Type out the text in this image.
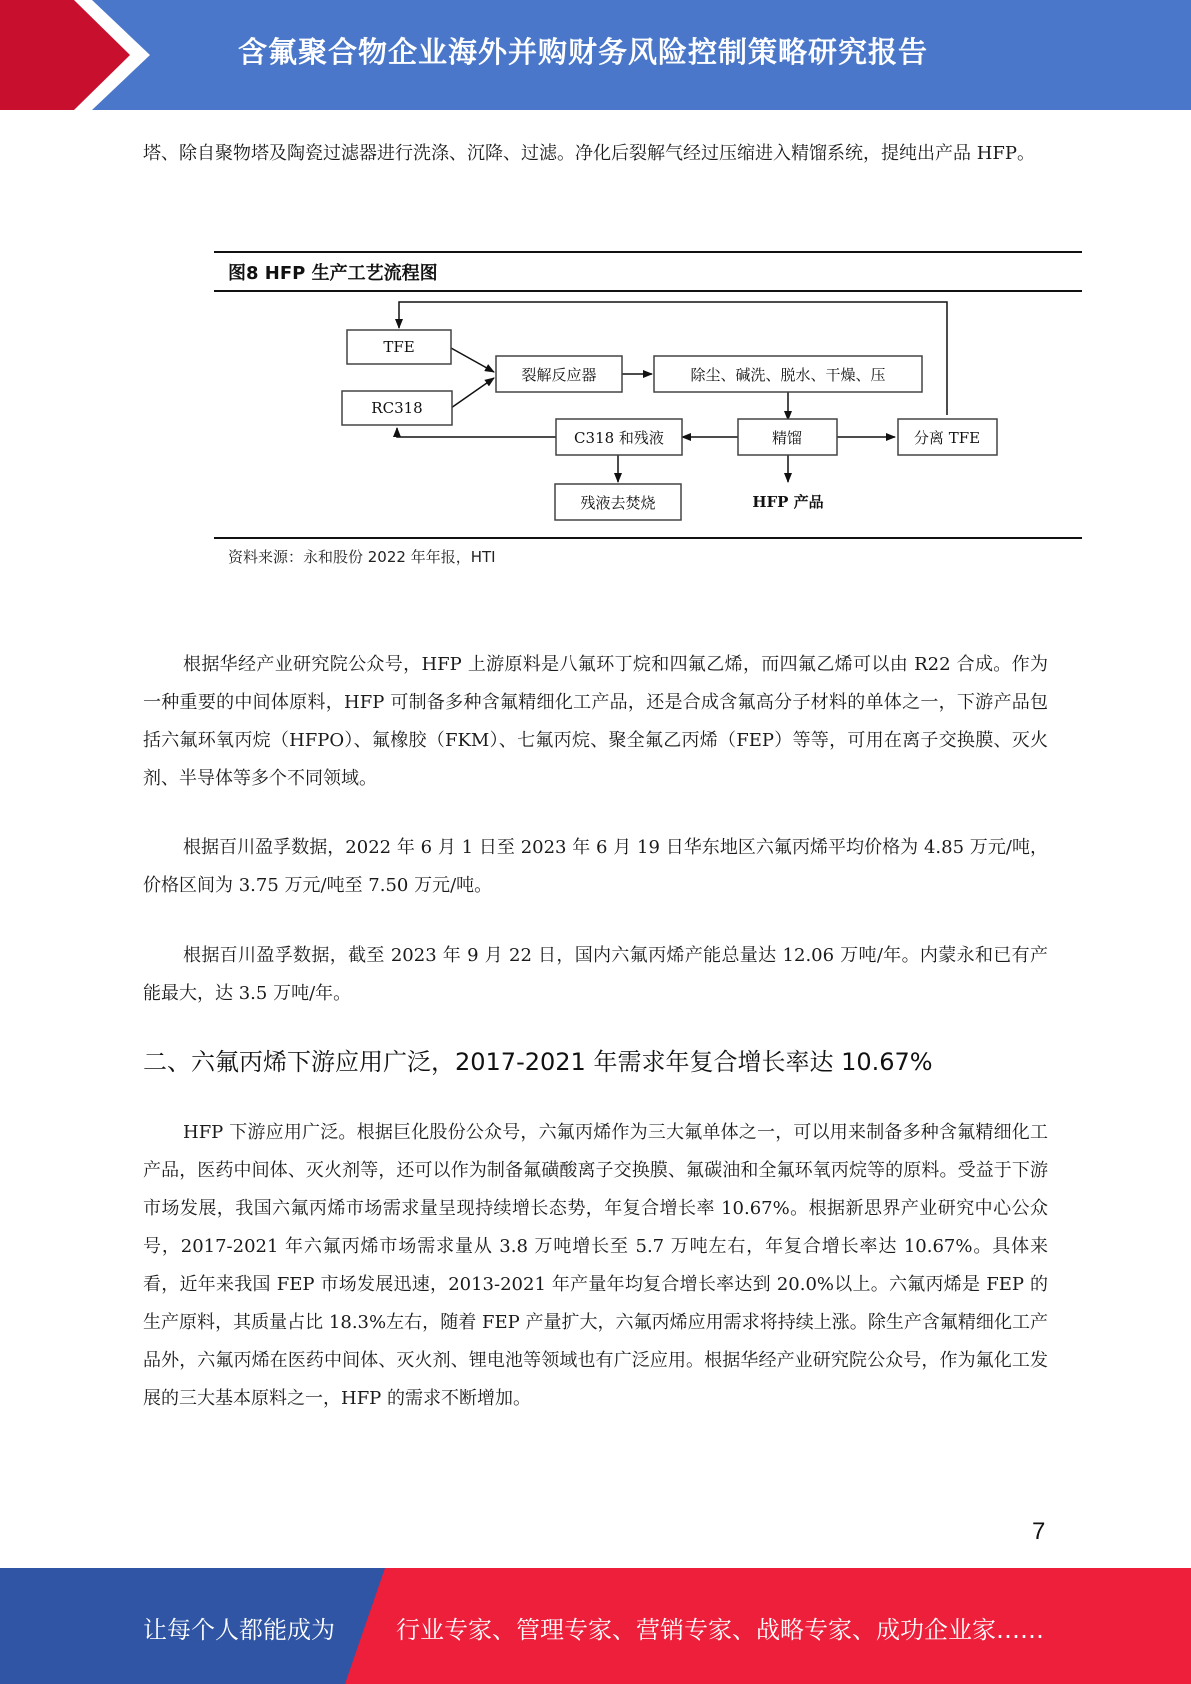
含氟聚合物企业海外并购财务风险控制策略研究报告

塔、除自聚物塔及陶瓷过滤器进行洗涤、沉降、过滤。净化后裂解气经过压缩进入精馏系统，提纯出产品 HFP。

图8 HFP 生产工艺流程图
TFE
RC318
裂解反应器	除尘、碱洗、脱水、干燥、压
精馏	分离 TFE
C318 和残液
残液去焚烧	HFP 产品
资料来源：永和股份 2022 年年报，HTI

根据华经产业研究院公众号，HFP 上游原料是八氟环丁烷和四氟乙烯，而四氟乙烯可以由 R22 合成。作为一种重要的中间体原料，HFP 可制备多种含氟精细化工产品，还是合成含氟高分子材料的单体之一，下游产品包括六氟环氧丙烷（HFPO）、氟橡胶（FKM）、七氟丙烷、聚全氟乙丙烯（FEP）等等，可用在离子交换膜、灭火剂、半导体等多个不同领域。

根据百川盈孚数据，2022 年 6 月 1 日至 2023 年 6 月 19 日华东地区六氟丙烯平均价格为 4.85 万元/吨，价格区间为 3.75 万元/吨至 7.50 万元/吨。

根据百川盈孚数据，截至 2023 年 9 月 22 日，国内六氟丙烯产能总量达 12.06 万吨/年。内蒙永和已有产能最大，达 3.5 万吨/年。

二、六氟丙烯下游应用广泛，2017-2021 年需求年复合增长率达 10.67%

HFP 下游应用广泛。根据巨化股份公众号，六氟丙烯作为三大氟单体之一，可以用来制备多种含氟精细化工产品，医药中间体、灭火剂等，还可以作为制备氟磺酸离子交换膜、氟碳油和全氟环氧丙烷等的原料。受益于下游市场发展，我国六氟丙烯市场需求量呈现持续增长态势，年复合增长率 10.67%。根据新思界产业研究中心公众号，2017-2021 年六氟丙烯市场需求量从 3.8 万吨增长至 5.7 万吨左右，年复合增长率达 10.67%。具体来看，近年来我国 FEP 市场发展迅速，2013-2021 年产量年均复合增长率达到 20.0%以上。六氟丙烯是 FEP 的生产原料，其质量占比 18.3%左右，随着 FEP 产量扩大，六氟丙烯应用需求将持续上涨。除生产含氟精细化工产品外，六氟丙烯在医药中间体、灭火剂、锂电池等领域也有广泛应用。根据华经产业研究院公众号，作为氟化工发展的三大基本原料之一，HFP 的需求不断增加。

7
让每个人都能成为	行业专家、管理专家、营销专家、战略专家、成功企业家……
